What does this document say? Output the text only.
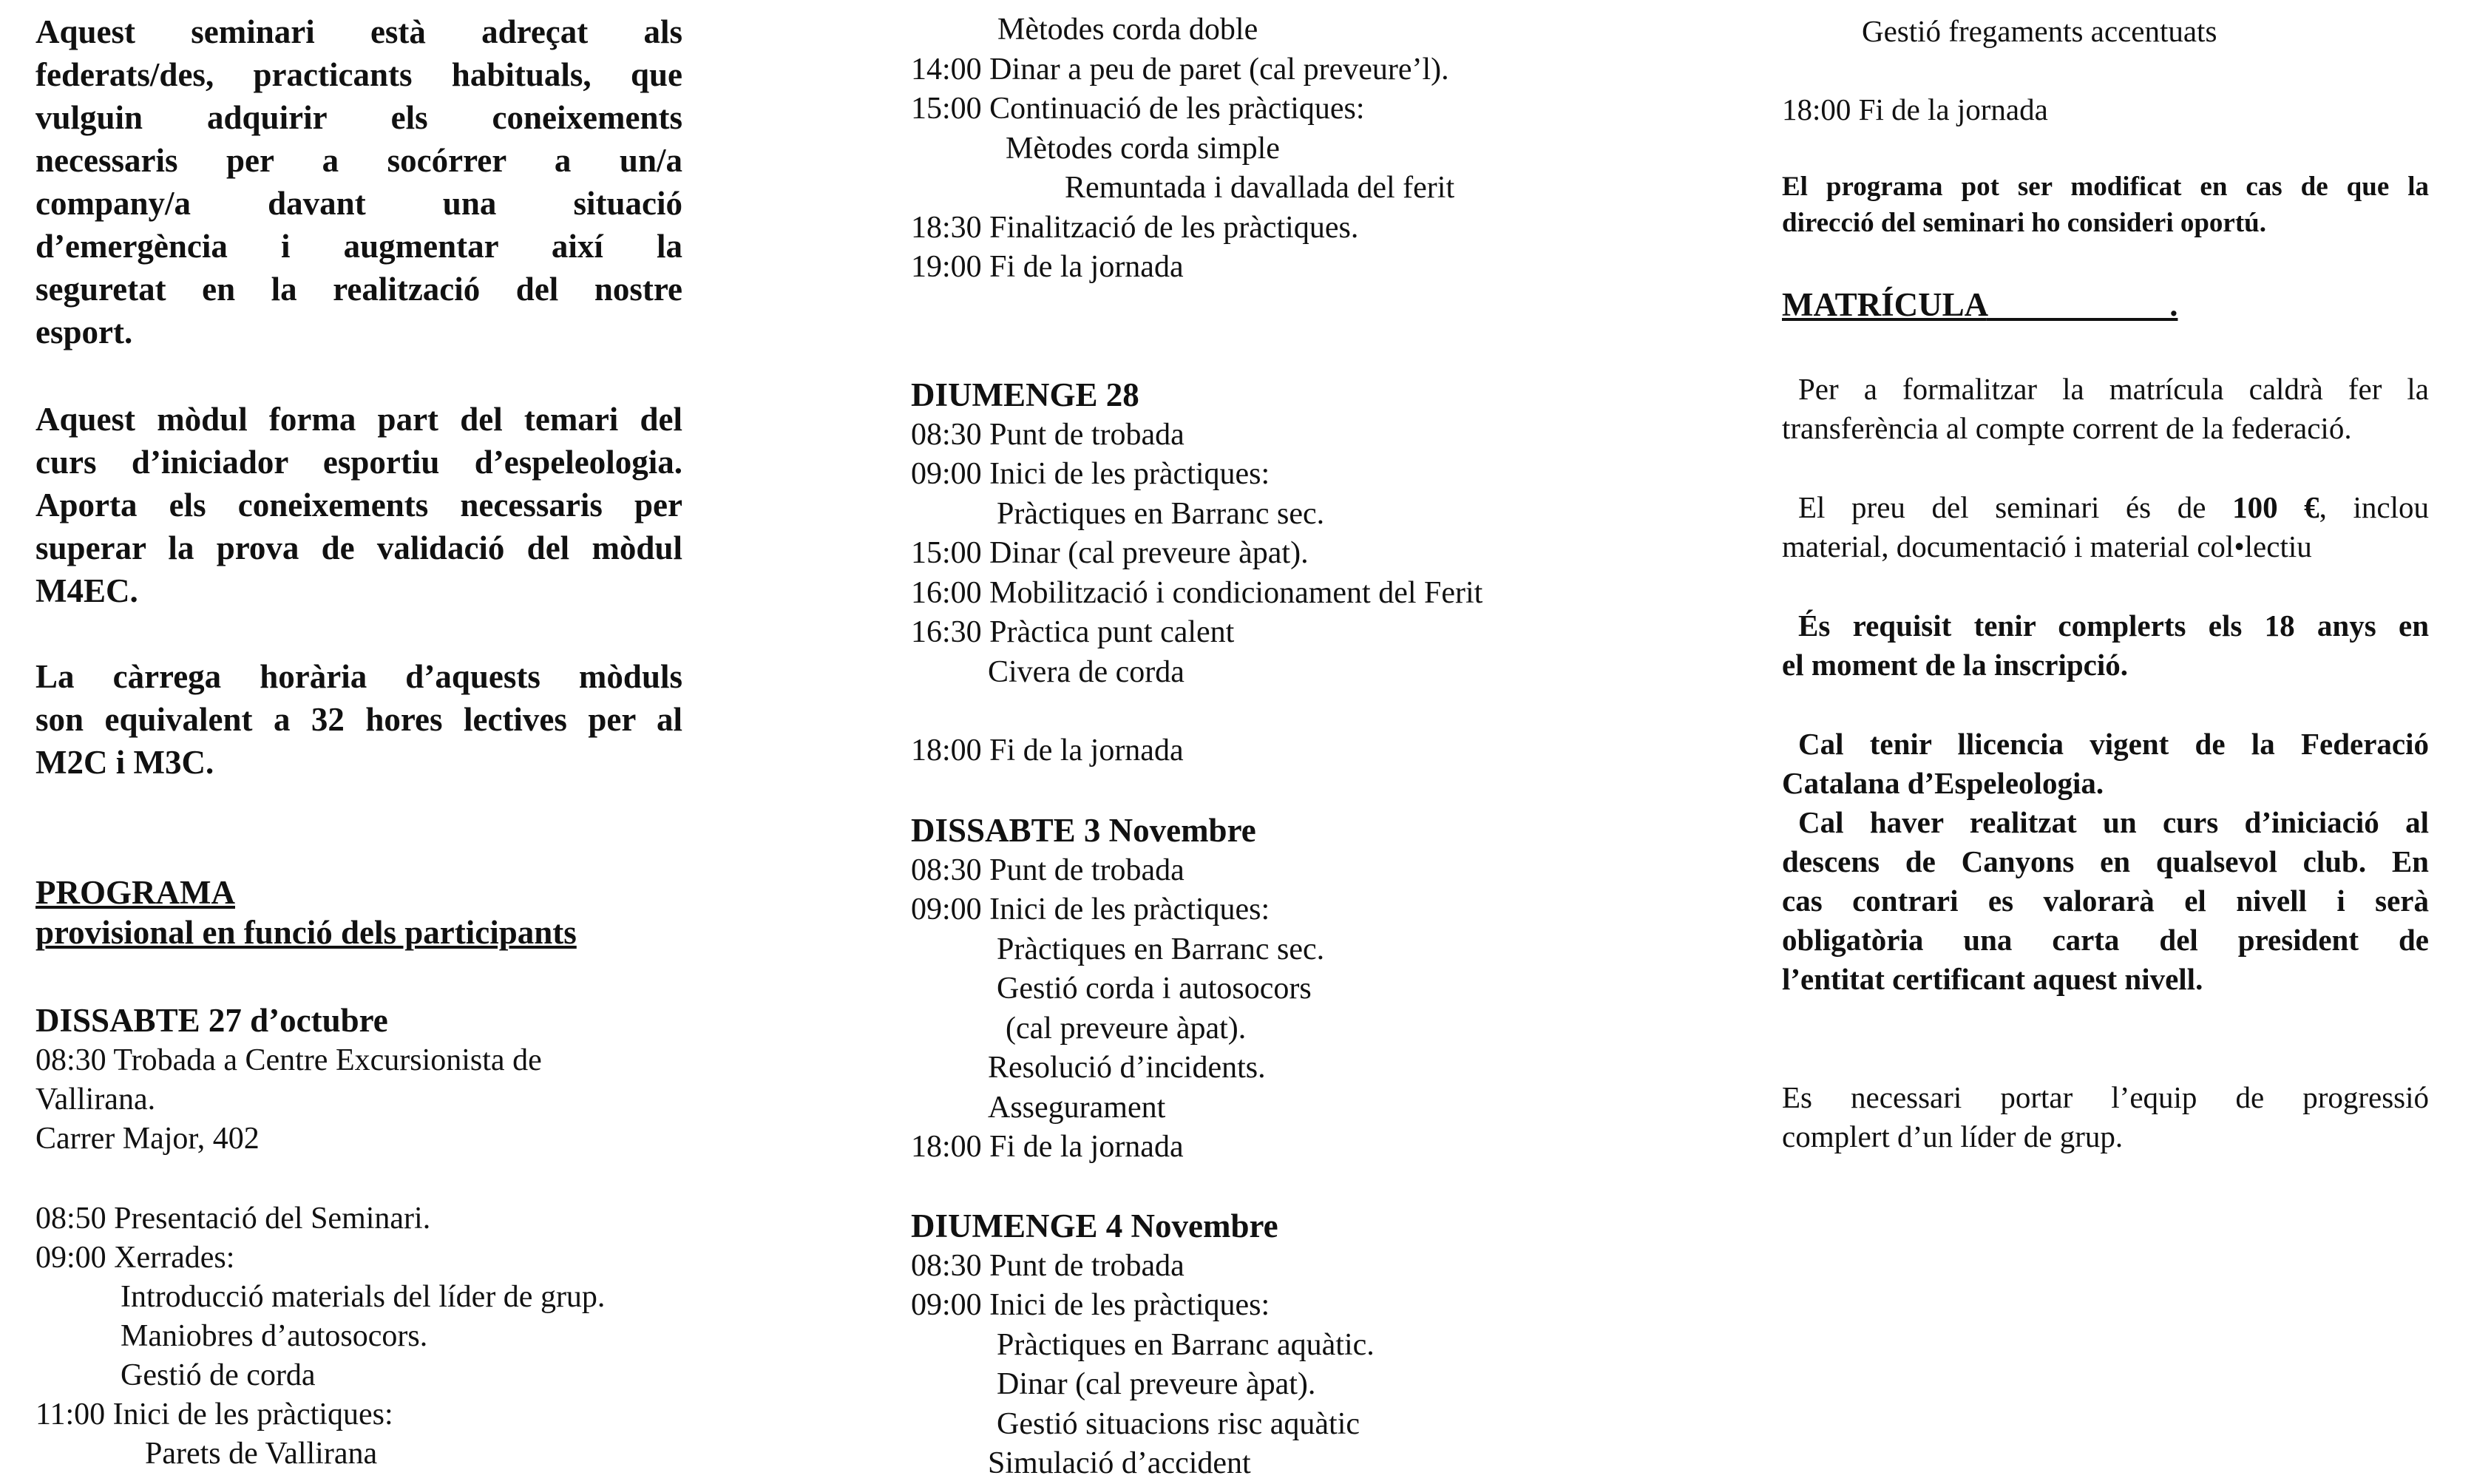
Aquest seminari està adreçat als

federats/des, practicants habituals, que

vulguin adquirir els coneixements

necessaris per a socórrer a un/a

company/a davant una situació

d’emergència i augmentar així la

seguretat en la realització del nostre

esport.

Aquest mòdul forma part del temari del

curs d’iniciador esportiu d’espeleologia.

Aporta els coneixements necessaris per

superar la prova de validació del mòdul

M4EC.

La càrrega horària d’aquests mòduls

son equivalent a 32 hores lectives per al

M2C i M3C.

PROGRAMA

provisional en funció dels participants

DISSABTE 27 d’octubre

08:30 Trobada a Centre Excursionista de

Vallirana.

Carrer Major, 402

08:50 Presentació del Seminari.

09:00 Xerrades:

Introducció materials del líder de grup.

Maniobres d’autosocors.

Gestió de corda

11:00 Inici de les pràctiques:

Parets de Vallirana

Mètodes corda doble

14:00 Dinar a peu de paret (cal preveure’l).

15:00 Continuació de les pràctiques:

Mètodes corda simple

Remuntada i davallada del ferit

18:30 Finalització de les pràctiques.

19:00 Fi de la jornada

DIUMENGE 28

08:30 Punt de trobada

09:00 Inici de les pràctiques:

Pràctiques en Barranc sec.

15:00 Dinar (cal preveure àpat).

16:00 Mobilització i condicionament del Ferit

16:30 Pràctica punt calent

Civera de corda

18:00 Fi de la jornada

DISSABTE 3 Novembre

08:30 Punt de trobada

09:00 Inici de les pràctiques:

Pràctiques en Barranc sec.

Gestió corda i autosocors

(cal preveure àpat).

Resolució d’incidents.

Assegurament

18:00 Fi de la jornada

DIUMENGE 4 Novembre

08:30 Punt de trobada

09:00 Inici de les pràctiques:

Pràctiques en Barranc aquàtic.

Dinar (cal preveure àpat).

Gestió situacions risc aquàtic

Simulació d’accident

Gestió fregaments accentuats

18:00 Fi de la jornada

El programa pot ser modificat en cas de que la

direcció del seminari ho consideri oportú.

MATRÍCULA                      .

Per a formalitzar la matrícula caldrà fer la

transferència al compte corrent de la federació.

El preu del seminari és de 100 €, inclou

material, documentació i material col•lectiu

És requisit tenir complerts els 18 anys en

el moment de la inscripció.

Cal tenir llicencia vigent de la Federació

Catalana d’Espeleologia.

Cal haver realitzat un curs d’iniciació al

descens de Canyons en qualsevol club. En

cas contrari es valorarà el nivell i serà

obligatòria una carta del president de

l’entitat certificant aquest nivell.

Es necessari portar l’equip de progressió

complert d’un líder de grup.
